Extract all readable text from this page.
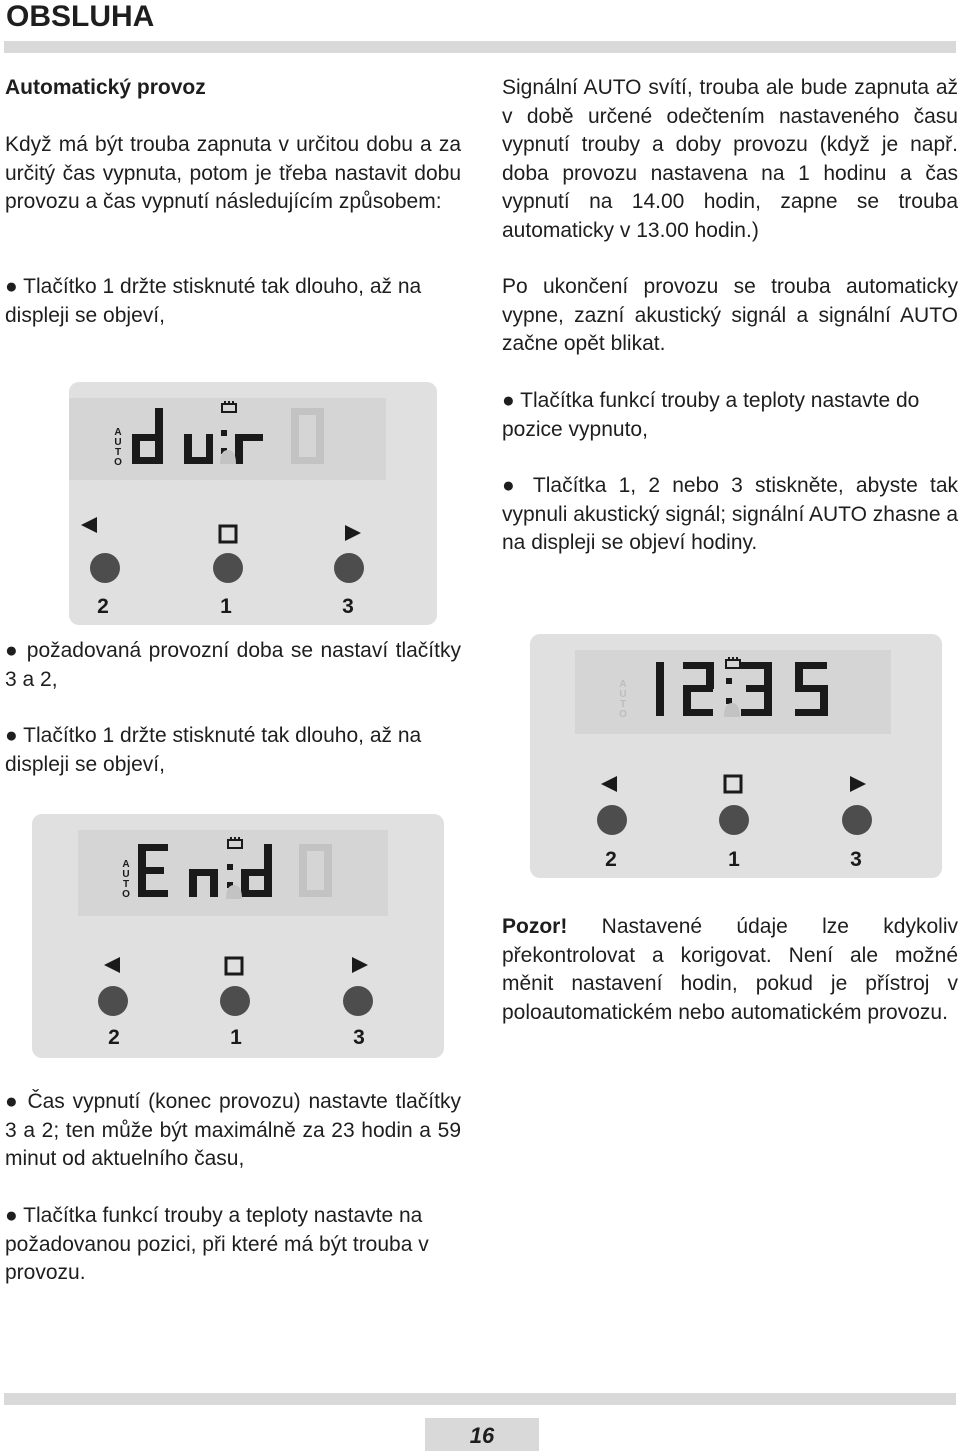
OBSLUHA
Automatický provoz
Když má být trouba zapnuta v určitou dobu a za určitý čas vypnuta, potom je třeba nastavit dobu provozu a čas vypnutí následujícím způsobem:
● Tlačítko 1 držte stisknuté tak dlouho, až na displeji se objeví,
A
U
T
O
2	1	3
● požadovaná provozní doba se nastaví tlačítky 3 a 2,
● Tlačítko 1 držte stisknuté tak dlouho, až na displeji se objeví,
A
U
T
O
2	1	3
● Čas vypnutí (konec provozu) nastavte tlačítky 3 a 2; ten může být maximálně za 23 hodin a 59 minut od aktuelního času,
● Tlačítka funkcí trouby a teploty nastavte na požadovanou pozici, při které má být trouba v provozu.
Signální AUTO svítí, trouba ale bude zapnuta až v době určené odečtením nastaveného času vypnutí trouby a doby provozu (když je např. doba provozu nastavena na 1 hodinu a čas vypnutí na 14.00 hodin, zapne se trouba automaticky v 13.00 hodin.)
Po ukončení provozu se trouba automaticky vypne, zazní akustický signál a signální AUTO začne opět blikat.
● Tlačítka funkcí trouby a teploty nastavte do pozice vypnuto,
● Tlačítka 1, 2 nebo 3 stiskněte, abyste tak vypnuli akustický signál; signální AUTO zhasne a na displeji se objeví hodiny.
A
U
T
O
2	1	3
Pozor! Nastavené údaje lze kdykoliv překontrolovat a korigovat. Není ale možné měnit nastavení hodin, pokud je přístroj v poloautomatickém nebo automatickém provozu.
16
